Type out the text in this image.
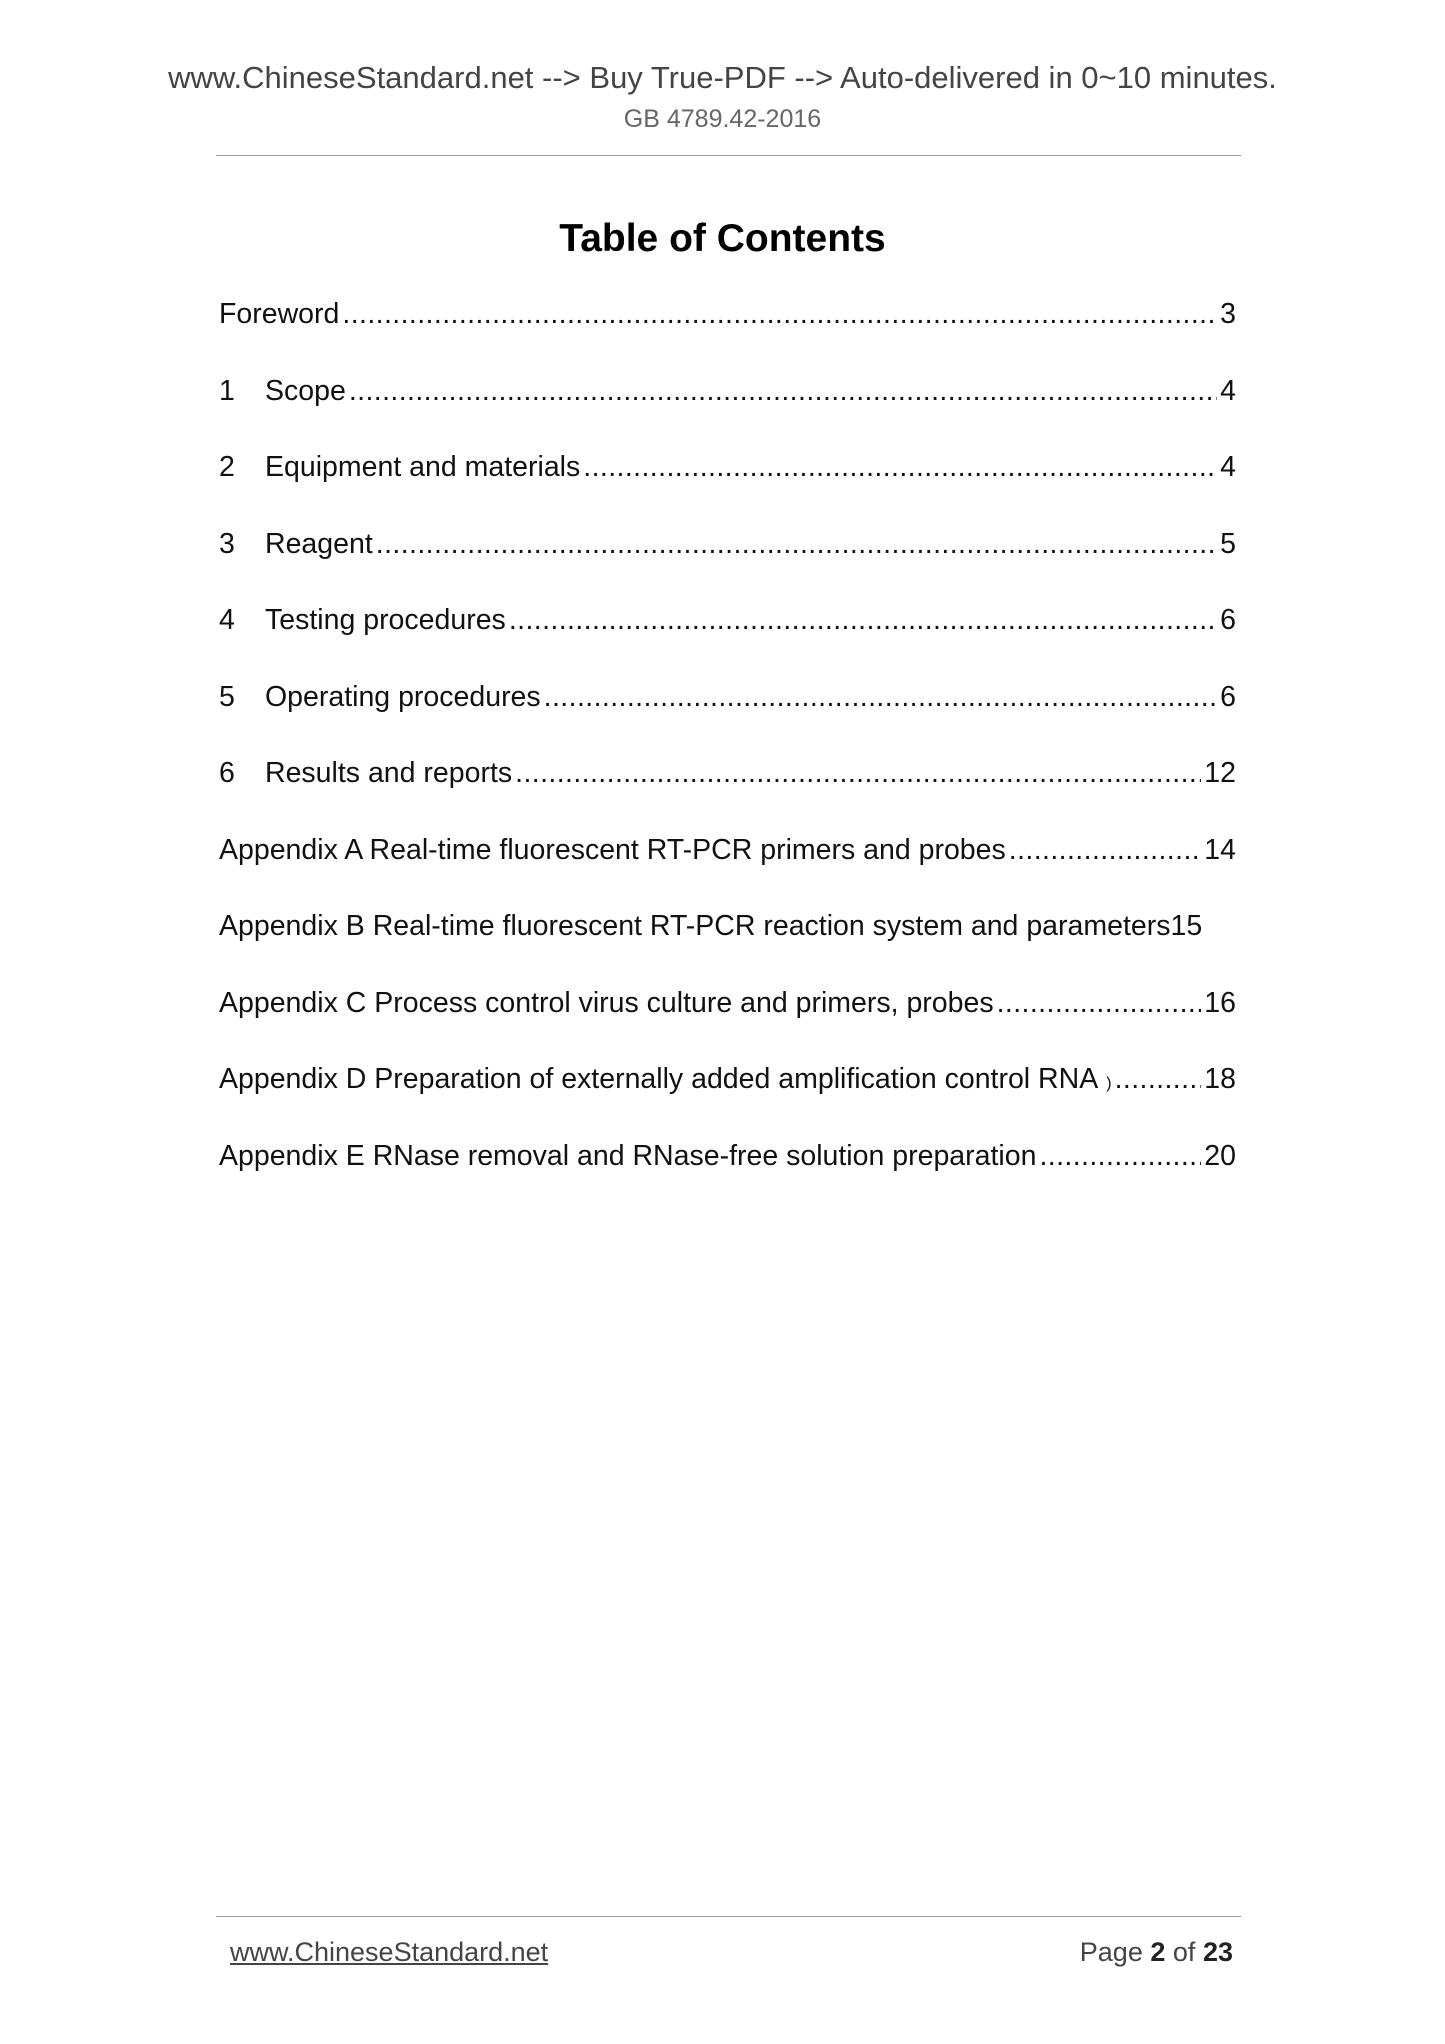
www.ChineseStandard.net --> Buy True-PDF --> Auto-delivered in 0~10 minutes.
GB 4789.42-2016
Table of Contents
Foreword .....	3
1	Scope .....	4
2	Equipment and materials .....	4
3	Reagent .....	5
4	Testing procedures .....	6
5	Operating procedures .....	6
6	Results and reports .....	12
Appendix A Real-time fluorescent RT-PCR primers and probes .....	14
Appendix B Real-time fluorescent RT-PCR reaction system and parameters 15
Appendix C Process control virus culture and primers, probes .....	16
Appendix D Preparation of externally added amplification control RNA ) .....	18
Appendix E RNase removal and RNase-free solution preparation .....	20
www.ChineseStandard.net	Page 2 of 23
